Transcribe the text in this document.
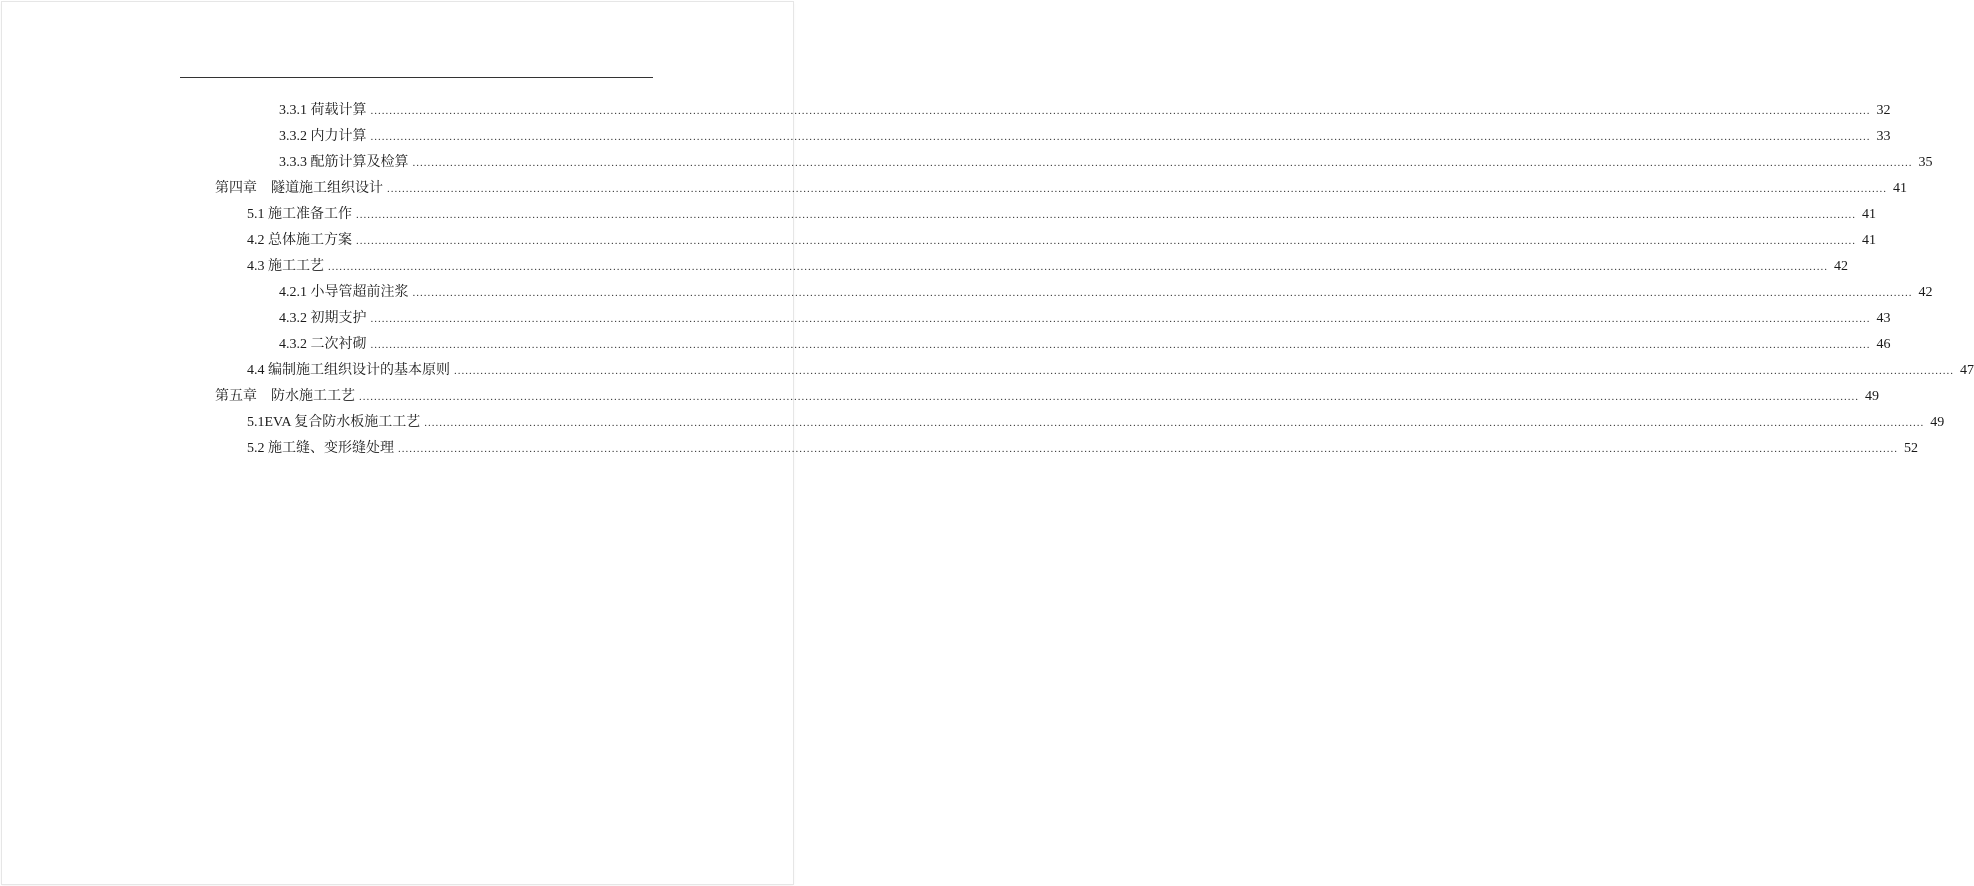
3.3.1 荷载计算 ................................................................................................................................................................................................................................................................................................................................................................................................................ 32
3.3.2 内力计算 ................................................................................................................................................................................................................................................................................................................................................................................................................ 33
3.3.3 配筋计算及检算 ................................................................................................................................................................................................................................................................................................................................................................................................................ 35
第四章　隧道施工组织设计 ................................................................................................................................................................................................................................................................................................................................................................................................................ 41
5.1 施工准备工作 ................................................................................................................................................................................................................................................................................................................................................................................................................ 41
4.2 总体施工方案 ................................................................................................................................................................................................................................................................................................................................................................................................................ 41
4.3 施工工艺 ................................................................................................................................................................................................................................................................................................................................................................................................................ 42
4.2.1 小导管超前注浆 ................................................................................................................................................................................................................................................................................................................................................................................................................ 42
4.3.2 初期支护 ................................................................................................................................................................................................................................................................................................................................................................................................................ 43
4.3.2 二次衬砌 ................................................................................................................................................................................................................................................................................................................................................................................................................ 46
4.4 编制施工组织设计的基本原则 ................................................................................................................................................................................................................................................................................................................................................................................................................ 47
第五章　防水施工工艺 ................................................................................................................................................................................................................................................................................................................................................................................................................ 49
5.1EVA 复合防水板施工工艺 ................................................................................................................................................................................................................................................................................................................................................................................................................ 49
5.2 施工缝、变形缝处理 ................................................................................................................................................................................................................................................................................................................................................................................................................ 52
